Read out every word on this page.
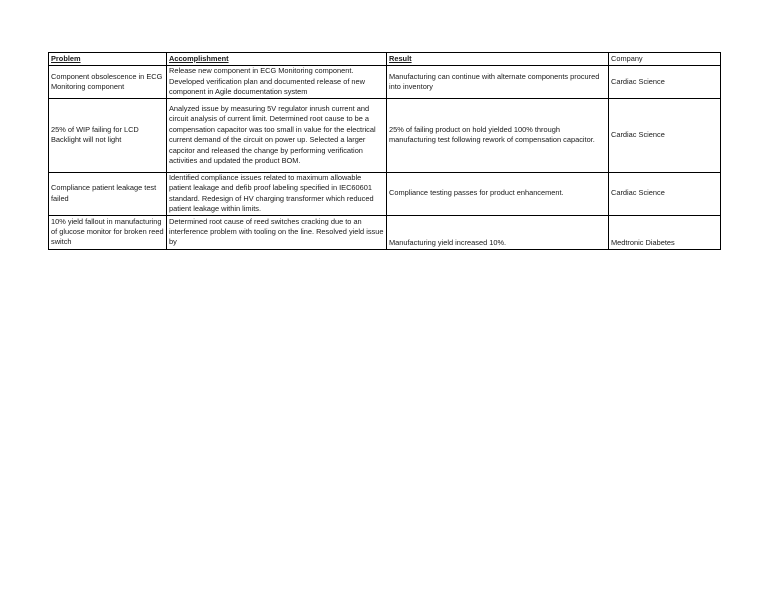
Problem	Accomplishment	Result	Company
Component obsolescence in ECG Monitoring component	Release new component in ECG Monitoring component. Developed verification plan and documented release of new component in Agile documentation system	Manufacturing can continue with alternate components procured into inventory	Cardiac Science
25% of WIP failing for LCD Backlight will not light	Analyzed issue by measuring 5V regulator inrush current and circuit analysis of current limit. Determined root cause to be a compensation capacitor was too small in value for the electrical current demand of the circuit on power up. Selected a larger capcitor and released the change by performing verification activities and updated the product BOM.	25% of failing product on hold yielded 100% through manufacturing test following rework of compensation capacitor.	Cardiac Science
Compliance patient leakage test failed	Identified compliance issues related to maximum allowable patient leakage and defib proof labeling specified in IEC60601 standard. Redesign of HV charging transformer which reduced patient leakage within limits.	Compliance testing passes for product enhancement.	Cardiac Science
10% yield fallout in manufacturing of glucose monitor for broken reed switch	Determined root cause of reed switches cracking due to an interference problem with tooling on the line. Resolved yield issue by	Manufacturing yield increased 10%.	Medtronic Diabetes
